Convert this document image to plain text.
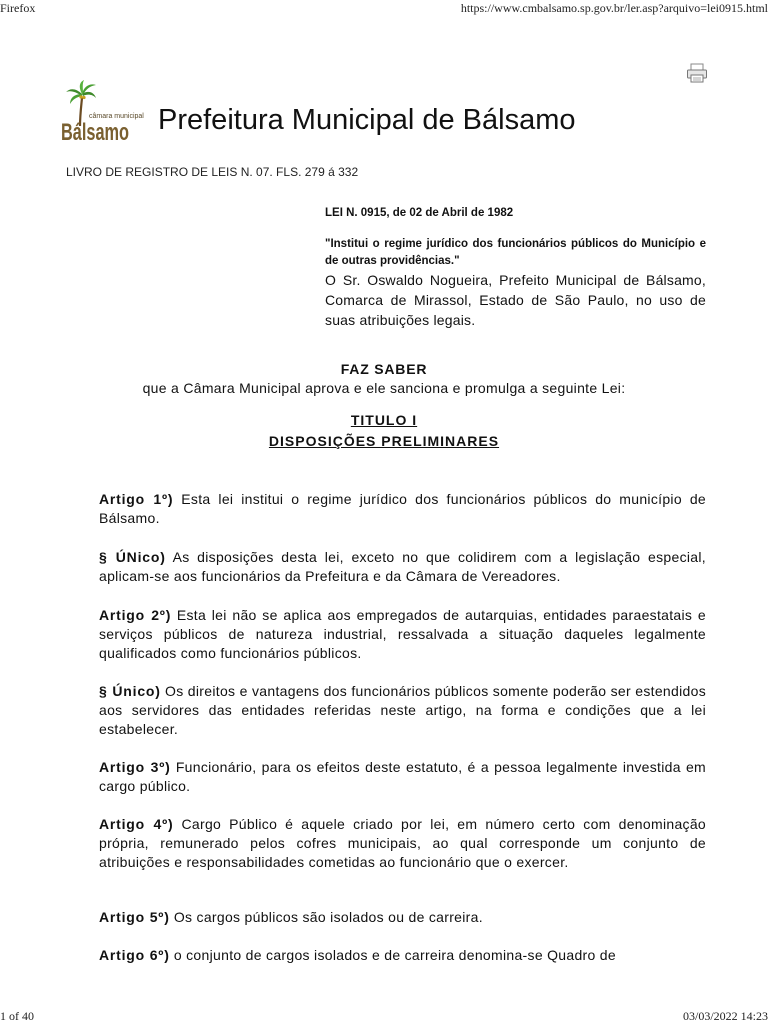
Firefox	https://www.cmbalsamo.sp.gov.br/ler.asp?arquivo=lei0915.html
câmara municipal
Bálsamo Prefeitura Municipal de Bálsamo
LIVRO DE REGISTRO DE LEIS N. 07. FLS. 279 á 332

LEI N. 0915, de 02 de Abril de 1982

"Institui o regime jurídico dos funcionários públicos do Município e de outras providências."

O Sr. Oswaldo Nogueira, Prefeito Municipal de Bálsamo, Comarca de Mirassol, Estado de São Paulo, no uso de suas atribuições legais.

FAZ SABER
que a Câmara Municipal aprova e ele sanciona e promulga a seguinte Lei:
TITULO I
DISPOSIÇÕES PRELIMINARES

Artigo 1º) Esta lei institui o regime jurídico dos funcionários públicos do município de Bálsamo.

§ ÚNico) As disposições desta lei, exceto no que colidirem com a legislação especial, aplicam-se aos funcionários da Prefeitura e da Câmara de Vereadores.

Artigo 2º) Esta lei não se aplica aos empregados de autarquias, entidades paraestatais e serviços públicos de natureza industrial, ressalvada a situação daqueles legalmente qualificados como funcionários públicos.

§ Único) Os direitos e vantagens dos funcionários públicos somente poderão ser estendidos aos servidores das entidades referidas neste artigo, na forma e condições que a lei estabelecer.

Artigo 3º) Funcionário, para os efeitos deste estatuto, é a pessoa legalmente investida em cargo público.

Artigo 4º) Cargo Público é aquele criado por lei, em número certo com denominação própria, remunerado pelos cofres municipais, ao qual corresponde um conjunto de atribuições e responsabilidades cometidas ao funcionário que o exercer.

Artigo 5º) Os cargos públicos são isolados ou de carreira.

Artigo 6º) o conjunto de cargos isolados e de carreira denomina-se Quadro de

1 of 40	03/03/2022 14:23
